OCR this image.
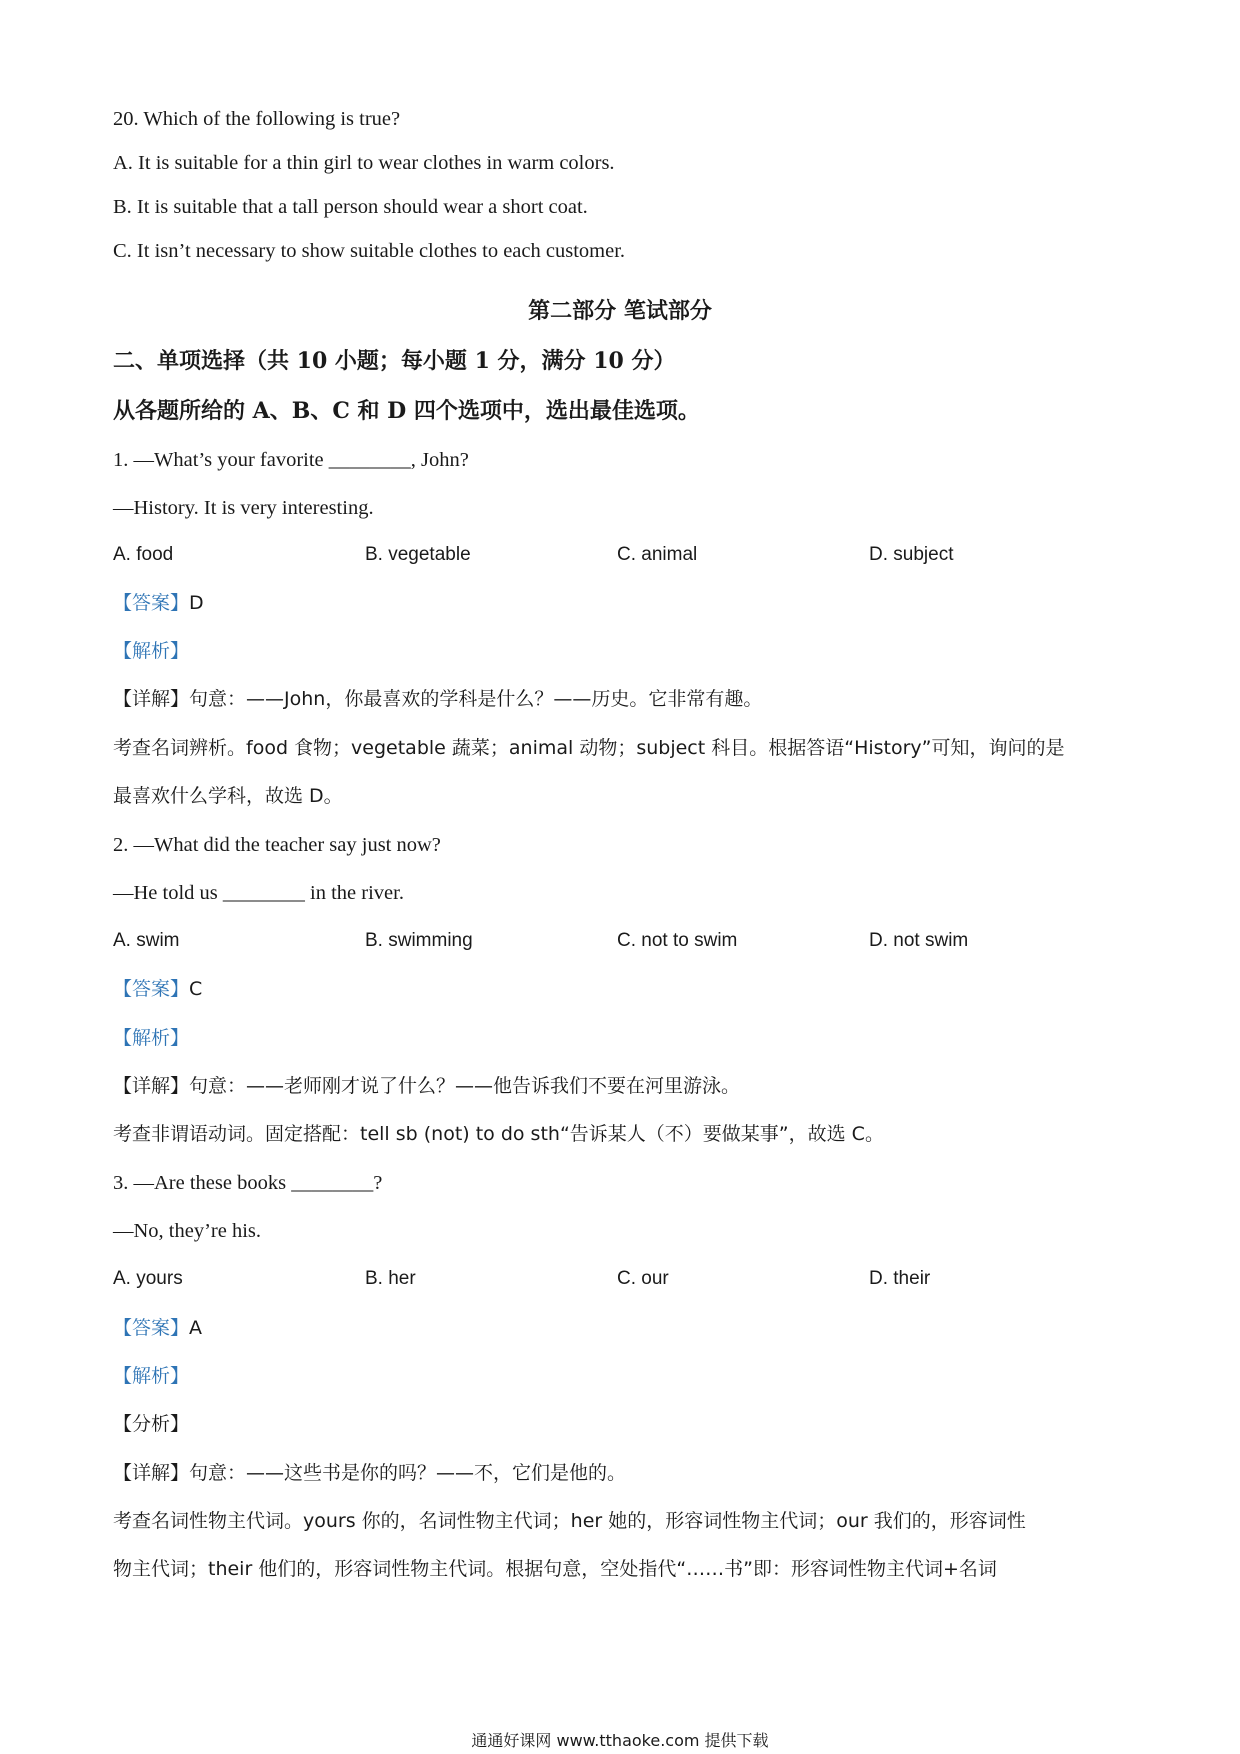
20. Which of the following is true?
A. It is suitable for a thin girl to wear clothes in warm colors.
B. It is suitable that a tall person should wear a short coat.
C. It isn’t necessary to show suitable clothes to each customer.
第二部分 笔试部分
二、单项选择（共 10 小题；每小题 1 分，满分 10 分）
从各题所给的 A、B、C 和 D 四个选项中，选出最佳选项。
1. —What’s your favorite ________, John?
—History. It is very interesting.
A. food	B. vegetable	C. animal	D. subject
【答案】D
【解析】
【详解】句意：——John，你最喜欢的学科是什么？——历史。它非常有趣。
考查名词辨析。food 食物；vegetable 蔬菜；animal 动物；subject 科目。根据答语“History”可知，询问的是
最喜欢什么学科，故选 D。
2. —What did the teacher say just now?
—He told us ________ in the river.
A. swim	B. swimming	C. not to swim	D. not swim
【答案】C
【解析】
【详解】句意：——老师刚才说了什么？——他告诉我们不要在河里游泳。
考查非谓语动词。固定搭配：tell sb (not) to do sth“告诉某人（不）要做某事”，故选 C。
3. —Are these books ________?
—No, they’re his.
A. yours	B. her	C. our	D. their
【答案】A
【解析】
【分析】
【详解】句意：——这些书是你的吗？——不，它们是他的。
考查名词性物主代词。yours 你的，名词性物主代词；her 她的，形容词性物主代词；our 我们的，形容词性
物主代词；their 他们的，形容词性物主代词。根据句意，空处指代“……书”即：形容词性物主代词+名词
通通好课网 www.tthaoke.com 提供下载
